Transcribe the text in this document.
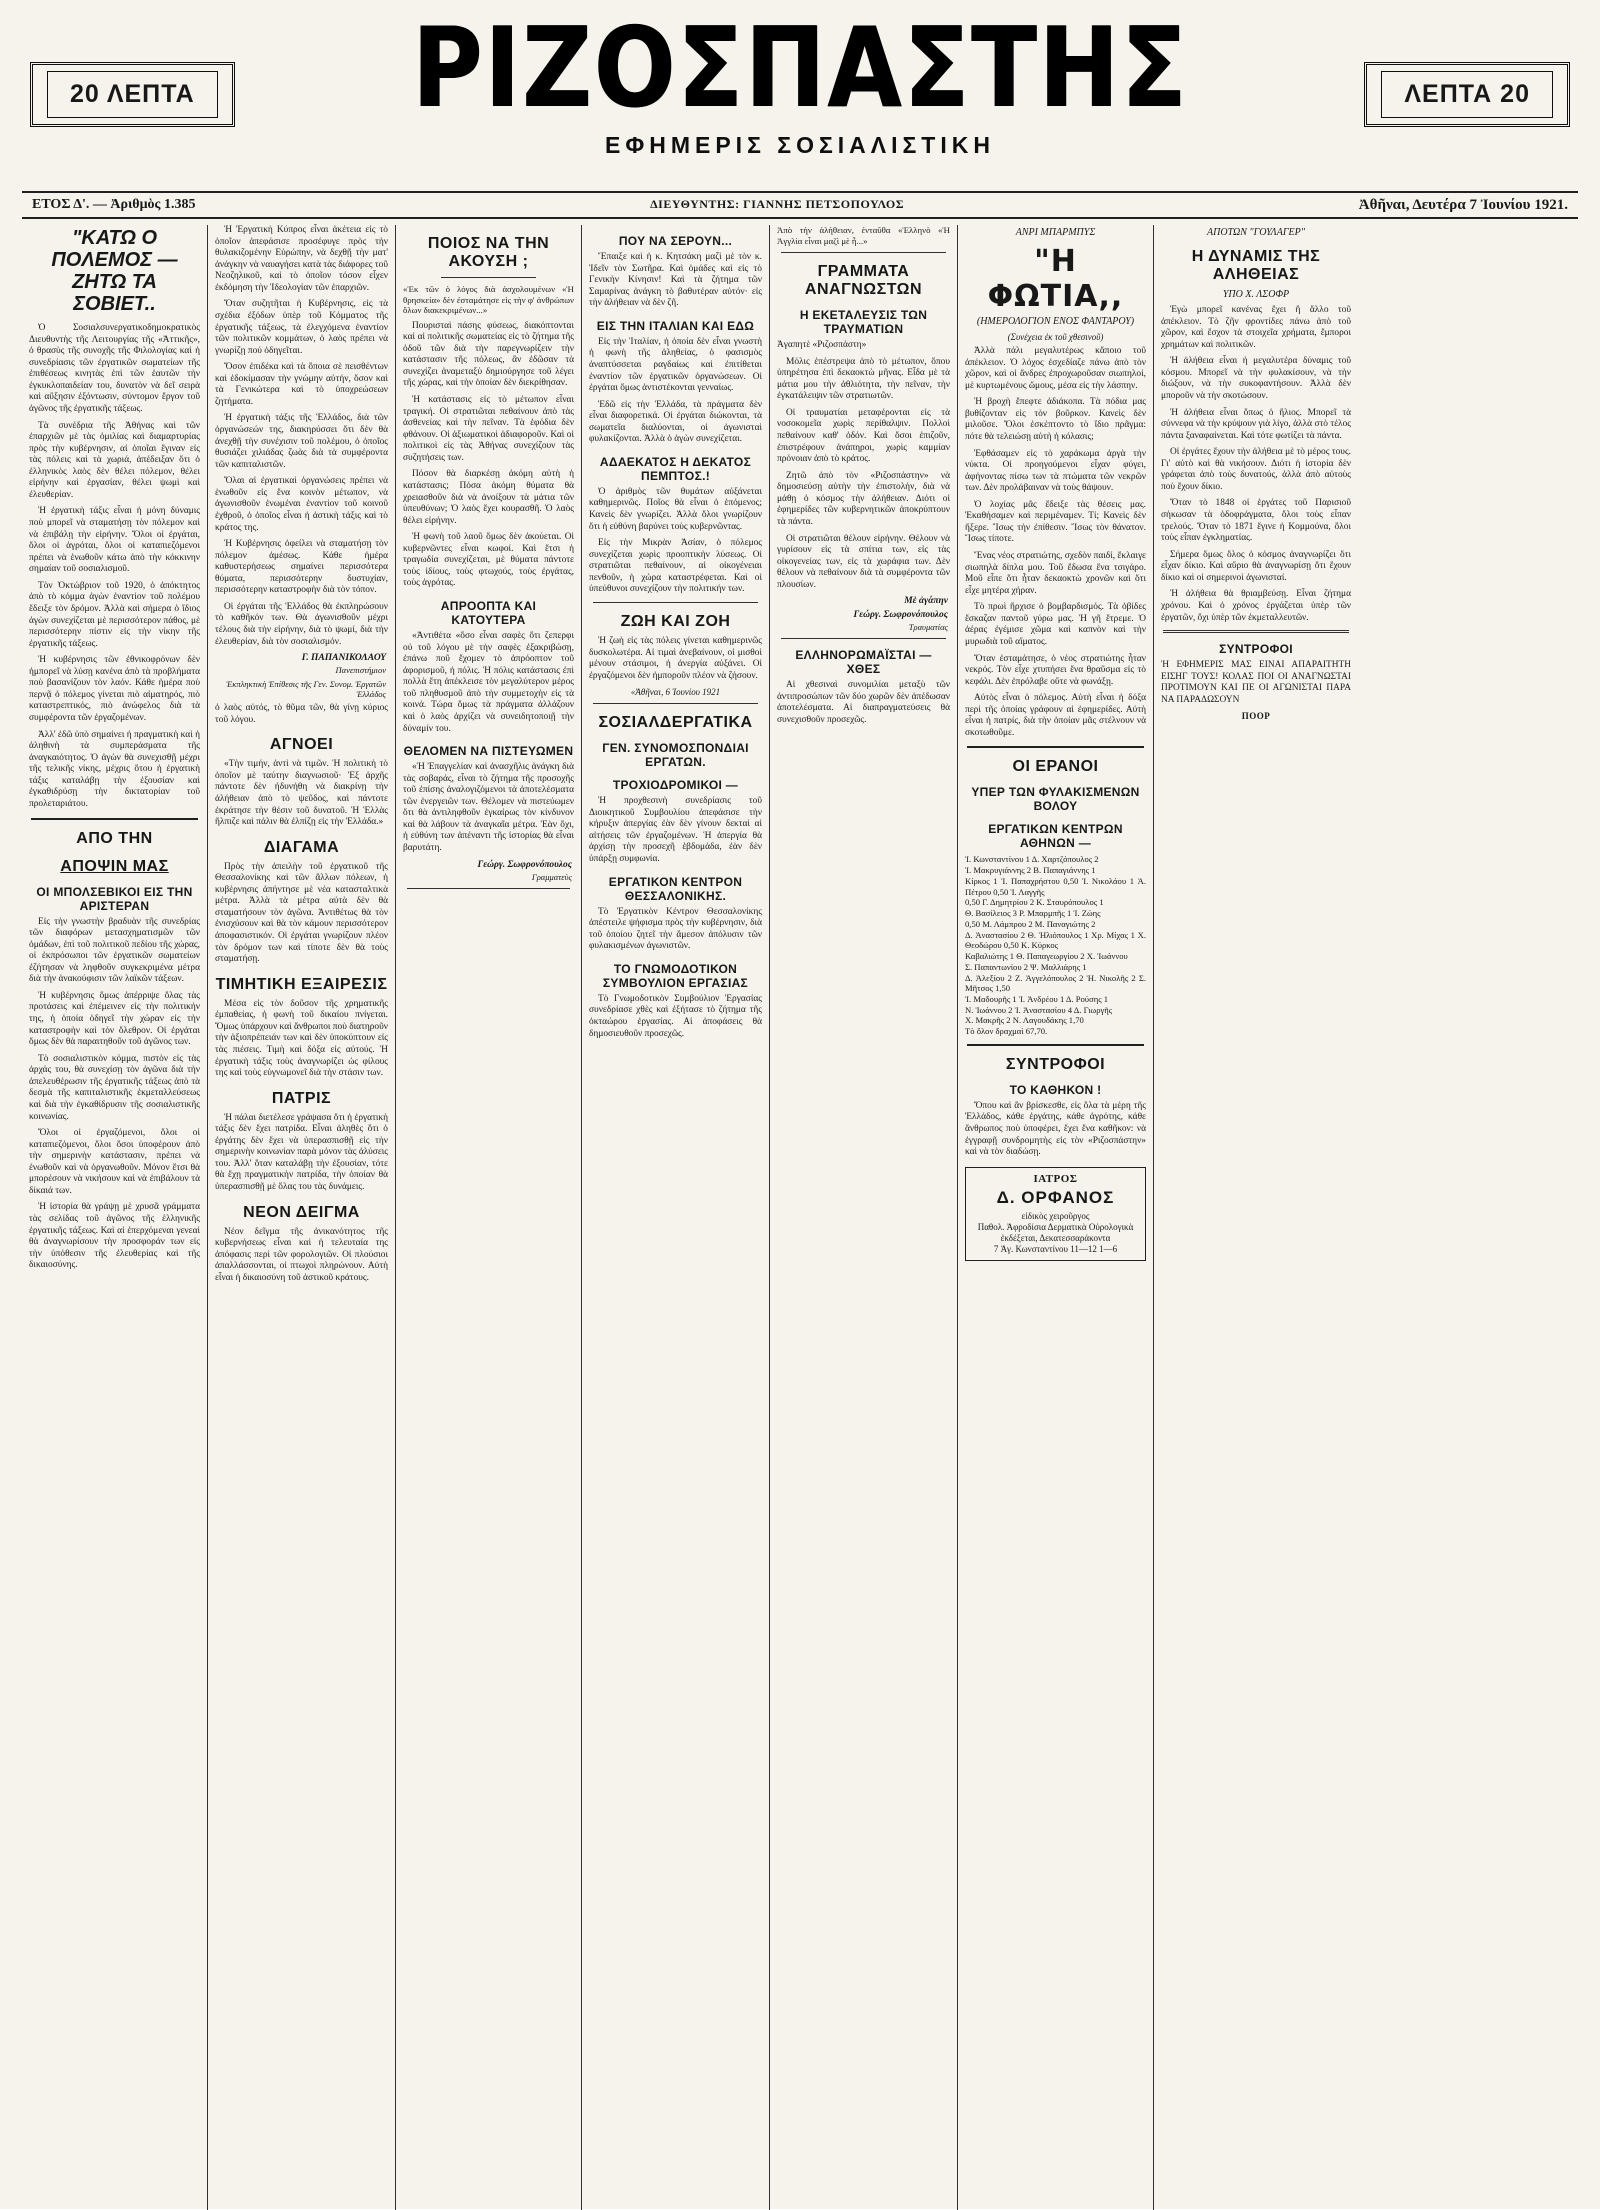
20 ΛΕΠΤΑ	ΛΕΠΤΑ 20
ΡΙΖΟΣΠΑΣΤΗΣ
ΕΦΗΜΕΡΙΣ ΣΟΣΙΑΛΙΣΤΙΚΗ
ΕΤΟΣ Δ'. — Ἀριθμὸς 1.385	ΔΙΕΥΘΥΝΤΗΣ: ΓΙΑΝΝΗΣ ΠΕΤΣΟΠΟΥΛΟΣ	Ἀθῆναι, Δευτέρα 7 Ἰουνίου 1921.
"ΚΑΤΩ Ο ΠΟΛΕΜΟΣ — ΖΗΤΩ ΤΑ ΣΟΒΙΕΤ..

Ὁ Σοσιαλσυνεργατικοδημοκρατικὸς Διευθυντὴς τῆς Λειτουργίας τῆς «Ἀττικῆς», ὁ θρασὺς τῆς συνοχῆς τῆς Φιλολογίας καὶ ἡ συνεδρίασις τῶν ἐργατικῶν σωματείων τῆς ἐπιθέσεως κινητὰς ἐπὶ τῶν ἑαυτῶν τὴν ἐγκυκλοπαιδείαν του, δυνατὸν νὰ δεῖ σειρὰ καὶ αὔξησιν ἐξόντωσιν, σύντομον ἔργον τοῦ ἀγῶνος τῆς ἐργατικῆς τάξεως.

Τὰ συνέδρια τῆς Ἀθήνας καὶ τῶν ἐπαρχιῶν μὲ τὰς ὁμιλίας καὶ διαμαρτυρίας πρὸς τὴν κυβέρνησιν, αἱ ὁποῖαι ἔγιναν εἰς τὰς πόλεις καὶ τὰ χωριά, ἀπέδειξαν ὅτι ὁ ἑλληνικὸς λαὸς δὲν θέλει πόλεμον, θέλει εἰρήνην καὶ ἐργασίαν, θέλει ψωμὶ καὶ ἐλευθερίαν.

Ἡ ἐργατικὴ τάξις εἶναι ἡ μόνη δύναμις ποὺ μπορεῖ νὰ σταματήσῃ τὸν πόλεμον καὶ νὰ ἐπιβάλῃ τὴν εἰρήνην. Ὅλοι οἱ ἐργάται, ὅλοι οἱ ἀγρόται, ὅλοι οἱ καταπιεζόμενοι πρέπει νὰ ἑνωθοῦν κάτω ἀπὸ τὴν κόκκινην σημαίαν τοῦ σοσιαλισμοῦ.

Τὸν Ὀκτώβριον τοῦ 1920, ὁ ἀπόκτητος ἀπὸ τὸ κόμμα ἀγὼν ἐναντίον τοῦ πολέμου ἔδειξε τὸν δρόμον. Ἀλλὰ καὶ σήμερα ὁ ἴδιος ἀγὼν συνεχίζεται μὲ περισσότερον πάθος, μὲ περισσότερην πίστιν εἰς τὴν νίκην τῆς ἐργατικῆς τάξεως.

Ἡ κυβέρνησις τῶν ἐθνικοφρόνων δὲν ἠμπορεῖ νὰ λύσῃ κανένα ἀπὸ τὰ προβλήματα ποὺ βασανίζουν τὸν λαόν. Κάθε ἡμέρα ποὺ περνᾷ ὁ πόλεμος γίνεται πιὸ αἱματηρός, πιὸ καταστρεπτικός, πιὸ ἀνώφελος διὰ τὰ συμφέροντα τῶν ἐργαζομένων.

Ἀλλ' ἐδῶ ὑπὸ σημαίνει ἡ πραγματικὴ καὶ ἡ ἀληθινὴ τὰ συμπεράσματα τῆς ἀναγκαιότητος. Ὁ ἀγὼν θὰ συνεχισθῇ μέχρι τῆς τελικῆς νίκης, μέχρις ὅτου ἡ ἐργατικὴ τάξις καταλάβῃ τὴν ἐξουσίαν καὶ ἐγκαθιδρύσῃ τὴν δικτατορίαν τοῦ προλεταριάτου.

ΑΠΟ ΤΗΝ
ΑΠΟΨΙΝ ΜΑΣ
ΟΙ ΜΠΟΛΣΕΒΙΚΟΙ ΕΙΣ ΤΗΝ ΑΡΙΣΤΕΡΑΝ

Εἰς τὴν γνωστὴν βραδυὰν τῆς συνεδρίας τῶν διαφόρων μετασχηματισμῶν τῶν ὁμάδων, ἐπὶ τοῦ πολιτικοῦ πεδίου τῆς χώρας, οἱ ἐκπρόσωποι τῶν ἐργατικῶν σωματείων ἐζήτησαν νὰ ληφθοῦν συγκεκριμένα μέτρα διὰ τὴν ἀνακούφισιν τῶν λαϊκῶν τάξεων.

Ἡ κυβέρνησις ὅμως ἀπέρριψε ὅλας τὰς προτάσεις καὶ ἐπέμεινεν εἰς τὴν πολιτικήν της, ἡ ὁποία ὁδηγεῖ τὴν χώραν εἰς τὴν καταστροφὴν καὶ τὸν ὄλεθρον. Οἱ ἐργάται ὅμως δὲν θὰ παραιτηθοῦν τοῦ ἀγῶνος των.

Τὸ σοσιαλιστικὸν κόμμα, πιστὸν εἰς τὰς ἀρχάς του, θὰ συνεχίσῃ τὸν ἀγῶνα διὰ τὴν ἀπελευθέρωσιν τῆς ἐργατικῆς τάξεως ἀπὸ τὰ δεσμὰ τῆς καπιταλιστικῆς ἐκμεταλλεύσεως καὶ διὰ τὴν ἐγκαθίδρυσιν τῆς σοσιαλιστικῆς κοινωνίας.

Ὅλοι οἱ ἐργαζόμενοι, ὅλοι οἱ καταπιεζόμενοι, ὅλοι ὅσοι ὑποφέρουν ἀπὸ τὴν σημερινὴν κατάστασιν, πρέπει νὰ ἑνωθοῦν καὶ νὰ ὀργανωθοῦν. Μόνον ἔτσι θὰ μπορέσουν νὰ νικήσουν καὶ νὰ ἐπιβάλουν τὰ δίκαιά των.

Ἡ ἱστορία θὰ γράψῃ μὲ χρυσᾶ γράμματα τὰς σελίδας τοῦ ἀγῶνος τῆς ἑλληνικῆς ἐργατικῆς τάξεως. Καὶ αἱ ἐπερχόμεναι γενεαὶ θὰ ἀναγνωρίσουν τὴν προσφοράν των εἰς τὴν ὑπόθεσιν τῆς ἐλευθερίας καὶ τῆς δικαιοσύνης.

Ἡ Ἐργατικὴ Κύπρος εἶναι ἀκέτεια εἰς τὸ ὁποῖον ἀπεφάσισε προσέφυγε πρὸς τὴν θυλακιζομένην Εὐρώπην, νὰ δεχθῇ τὴν ματ' ἀνάγκην νὰ ναυαγήσει κατὰ τὰς διάφορες τοῦ Νεοζηλικοῦ, καὶ τὸ ὁποῖον τόσον εἶχεν ἐκδόμηση τὴν Ἰδεολογίαν τῶν ἐπαρχιῶν.

Ὅταν συζητῆται ἡ Κυβέρνησις, εἰς τὰ σχέδια ἐξόδων ὑπὲρ τοῦ Κόμματος τῆς ἐργατικῆς τάξεως, τὰ ἐλεγχόμενα ἐναντίον τῶν πολιτικῶν κομμάτων, ὁ λαὸς πρέπει νὰ γνωρίζῃ πού ὁδηγεῖται.

Ὅσον ἐπιδέκα καὶ τὰ ὅποια σὲ πεισθέντων καὶ ἐδοκίμασαν τὴν γνώμην αὐτήν, ὅσον καὶ τὰ Γενικώτερα καὶ τὸ ὑποχρεώσεων ζητήματα.

Ἡ ἐργατικὴ τάξις τῆς Ἑλλάδος, διὰ τῶν ὀργανώσεών της, διακηρύσσει ὅτι δὲν θὰ ἀνεχθῇ τὴν συνέχισιν τοῦ πολέμου, ὁ ὁποῖος θυσιάζει χιλιάδας ζωὰς διὰ τὰ συμφέροντα τῶν καπιταλιστῶν.

Ὅλαι αἱ ἐργατικαὶ ὀργανώσεις πρέπει νὰ ἑνωθοῦν εἰς ἕνα κοινὸν μέτωπον, νὰ ἀγωνισθοῦν ἑνωμέναι ἐναντίον τοῦ κοινοῦ ἐχθροῦ, ὁ ὁποῖος εἶναι ἡ ἀστικὴ τάξις καὶ τὸ κράτος της.

Ἡ Κυβέρνησις ὀφείλει νὰ σταματήσῃ τὸν πόλεμον ἀμέσως. Κάθε ἡμέρα καθυστερήσεως σημαίνει περισσότερα θύματα, περισσότερην δυστυχίαν, περισσότερην καταστροφὴν διὰ τὸν τόπον.

Οἱ ἐργάται τῆς Ἑλλάδος θὰ ἐκπληρώσουν τὸ καθῆκόν των. Θὰ ἀγωνισθοῦν μέχρι τέλους διὰ τὴν εἰρήνην, διὰ τὸ ψωμί, διὰ τὴν ἐλευθερίαν, διὰ τὸν σοσιαλισμόν.

Γ. ΠΑΠΑΝΙΚΟΛΑΟΥ
Πανεπιστήμιον
Ἐκπληκτικὴ Ἐπίθεσις τῆς Γεν. Συνομ. Ἐργατῶν Ἑλλάδος

ὁ λαὸς αὐτός, τὸ θῦμα τῶν, θὰ γίνῃ κύριος τοῦ λόγου.

ΑΓΝΟΕΙ

«Τὴν τιμήν, ἀντὶ νὰ τιμῶν. Ἡ πολιτικὴ τὸ ὁποῖον μὲ ταύτην διαγνωσιοῦ· Ἐξ ἀρχῆς πάντοτε δὲν ἠδυνήθη νὰ διακρίνῃ τὴν ἀλήθειαν ἀπὸ τὸ ψεῦδος, καὶ πάντοτε ἐκράτησε τὴν θέσιν τοῦ δυνατοῦ. Ἡ Ἑλλὰς ἤλπιζε καὶ πάλιν θὰ ἐλπίζῃ εἰς τὴν Ἑλλάδα.»

ΔΙΑΓΑΜΑ

Πρὸς τὴν ἀπειλὴν τοῦ ἐργατικοῦ τῆς Θεσσαλονίκης καὶ τῶν ἄλλων πόλεων, ἡ κυβέρνησις ἀπήντησε μὲ νέα κατασταλτικὰ μέτρα. Ἀλλὰ τὰ μέτρα αὐτὰ δὲν θὰ σταματήσουν τὸν ἀγῶνα. Ἀντιθέτως θὰ τὸν ἐνισχύσουν καὶ θὰ τὸν κάμουν περισσότερον ἀποφασιστικόν. Οἱ ἐργάται γνωρίζουν πλέον τὸν δρόμον των καὶ τίποτε δὲν θὰ τοὺς σταματήσῃ.

ΤΙΜΗΤΙΚΗ ΕΞΑΙΡΕΣΙΣ

Μέσα εἰς τὸν δοῦσον τῆς χρηματικῆς ἐμπαθείας, ἡ φωνὴ τοῦ δικαίου πνίγεται. Ὅμως ὑπάρχουν καὶ ἄνθρωποι ποὺ διατηροῦν τὴν ἀξιοπρέπειάν των καὶ δὲν ὑποκύπτουν εἰς τὰς πιέσεις. Τιμὴ καὶ δόξα εἰς αὐτούς. Ἡ ἐργατικὴ τάξις τοὺς ἀναγνωρίζει ὡς φίλους της καὶ τοὺς εὐγνωμονεῖ διὰ τὴν στάσιν των.

ΠΑΤΡΙΣ

Ἡ πάλαι διετέλεσε γράψασα ὅτι ἡ ἐργατικὴ τάξις δὲν ἔχει πατρίδα. Εἶναι ἀληθὲς ὅτι ὁ ἐργάτης δὲν ἔχει νὰ ὑπερασπισθῇ εἰς τὴν σημερινὴν κοινωνίαν παρὰ μόνον τὰς ἁλύσεις του. Ἀλλ' ὅταν καταλάβῃ τὴν ἐξουσίαν, τότε θὰ ἔχῃ πραγματικὴν πατρίδα, τὴν ὁποίαν θὰ ὑπερασπισθῇ μὲ ὅλας του τὰς δυνάμεις.

ΝΕΟΝ ΔΕΙΓΜΑ

Νέον δεῖγμα τῆς ἀνικανότητος τῆς κυβερνήσεως εἶναι καὶ ἡ τελευταία της ἀπόφασις περὶ τῶν φορολογιῶν. Οἱ πλούσιοι ἀπαλλάσσονται, οἱ πτωχοὶ πληρώνουν. Αὐτὴ εἶναι ἡ δικαιοσύνη τοῦ ἀστικοῦ κράτους.

ΠΟΙΟΣ ΝΑ ΤΗΝ ΑΚΟΥΣΗ ;

«Ἐκ τῶν ὁ λόγος διὰ ἀσχολουμένων «Ἡ θρησκεία» δὲν ἐσταμάτησε εἰς τὴν φ' ἀνθρώπων ὅλων διακεκριμένων...»

Πουρισταὶ πάσης φύσεως, διακόπτονται καὶ αἱ πολιτικῆς σωματείας εἰς τὸ ζήτημα τῆς ὁδοῦ τῶν διὰ τὴν παρεγνωρίζειν τὴν κατάστασιν τῆς πόλεως, ἂν ἐδῶσαν τὰ συνεχίζει ἀναμεταξὺ δημιούργησε τοῦ λέγει τῆς χώρας, καὶ τὴν ὁποίαν δὲν διεκρίθησαν.

Ἡ κατάστασις εἰς τὸ μέτωπον εἶναι τραγική. Οἱ στρατιῶται πεθαίνουν ἀπὸ τὰς ἀσθενείας καὶ τὴν πεῖναν. Τὰ ἐφόδια δὲν φθάνουν. Οἱ ἀξιωματικοὶ ἀδιαφοροῦν. Καὶ οἱ πολιτικοὶ εἰς τὰς Ἀθήνας συνεχίζουν τὰς συζητήσεις των.

Πόσον θὰ διαρκέσῃ ἀκόμη αὐτὴ ἡ κατάστασις; Πόσα ἀκόμη θύματα θὰ χρειασθοῦν διὰ νὰ ἀνοίξουν τὰ μάτια τῶν ὑπευθύνων; Ὁ λαὸς ἔχει κουρασθῆ. Ὁ λαὸς θέλει εἰρήνην.

Ἡ φωνὴ τοῦ λαοῦ ὅμως δὲν ἀκούεται. Οἱ κυβερνῶντες εἶναι κωφοί. Καὶ ἔτσι ἡ τραγωδία συνεχίζεται, μὲ θύματα πάντοτε τοὺς ἰδίους, τοὺς φτωχούς, τοὺς ἐργάτας, τοὺς ἀγρότας.

ΑΠΡΟΟΠΤΑ ΚΑΙ ΚΑΤΟΥΤΕΡΑ

«Ἀντιθέτα «ὅσο εἶναι σαφὲς ὅτι ζεπερφι οὐ τοῦ λόγου μὲ τὴν σαφὲς ἐξακριβώσῃ, ἐπάνω ποῦ ἔχομεν τὸ ἀπρόοπτον τοῦ ἀφορισμοῦ, ἡ πόλις. Ἡ πόλις κατάστασις ἐπὶ πολλὰ ἔτη ἀπέκλεισε τὸν μεγαλύτερον μέρος τοῦ πληθυσμοῦ ἀπὸ τὴν συμμετοχὴν εἰς τὰ κοινά. Τώρα ὅμως τὰ πράγματα ἀλλάζουν καὶ ὁ λαὸς ἀρχίζει νὰ συνειδητοποιῇ τὴν δύναμίν του.

ΘΕΛΟΜΕΝ ΝΑ ΠΙΣΤΕΥΩΜΕΝ

«Ἡ Ἐπαγγελίαν καὶ ἀνασχῆλις ἀνάγκη διὰ τὰς σοβαράς, εἶναι τὸ ζήτημα τῆς προσοχῆς τοῦ ἐπίσης ἀναλογιζόμενοι τὰ ἀποτελέσματα τῶν ἐνεργειῶν των. Θέλομεν νὰ πιστεύωμεν ὅτι θὰ ἀντιληφθοῦν ἐγκαίρως τὸν κίνδυνον καὶ θὰ λάβουν τὰ ἀναγκαῖα μέτρα. Ἐὰν ὄχι, ἡ εὐθύνη των ἀπέναντι τῆς ἱστορίας θὰ εἶναι βαρυτάτη.

Γεώργ. Σωφρονόπουλος
Γραμματεὺς
ΠΟΥ ΝΑ ΣΕΡΟΥΝ...

Ἔπαιξε καὶ ἡ κ. Κητσάκη μαζὶ μὲ τὸν κ. Ἰδεῖν τὸν Σωτῆρα. Καὶ ὁμάδες καὶ εἰς τὸ Γενικὴν Κίνησιν! Καὶ τὰ ζήτημα τῶν Σαμαρίνας ἀνάγκη τὸ βαθυτέραν αὐτόν· εἰς τὴν ἀλήθειαν νὰ δὲν ζῆ.

ΕΙΣ ΤΗΝ ΙΤΑΛΙΑΝ ΚΑΙ ΕΔΩ

Εἰς τὴν Ἰταλίαν, ἡ ὁποία δὲν εἶναι γνωστὴ ἡ φωνὴ τῆς ἀληθείας, ὁ φασισμὸς ἀναπτύσσεται ραγδαίως καὶ ἐπιτίθεται ἐναντίον τῶν ἐργατικῶν ὀργανώσεων. Οἱ ἐργάται ὅμως ἀντιστέκονται γενναίως.

Ἐδῶ εἰς τὴν Ἑλλάδα, τὰ πράγματα δὲν εἶναι διαφορετικά. Οἱ ἐργάται διώκονται, τὰ σωματεῖα διαλύονται, οἱ ἀγωνισταὶ φυλακίζονται. Ἀλλὰ ὁ ἀγὼν συνεχίζεται.

ΑΔΑΕΚΑΤΟΣ Η ΔΕΚΑΤΟΣ ΠΕΜΠΤΟΣ.!

Ὁ ἀριθμὸς τῶν θυμάτων αὐξάνεται καθημερινῶς. Ποῖος θὰ εἶναι ὁ ἑπόμενος; Κανεὶς δὲν γνωρίζει. Ἀλλὰ ὅλοι γνωρίζουν ὅτι ἡ εὐθύνη βαρύνει τοὺς κυβερνῶντας.

Εἰς τὴν Μικρὰν Ἀσίαν, ὁ πόλεμος συνεχίζεται χωρὶς προοπτικὴν λύσεως. Οἱ στρατιῶται πεθαίνουν, αἱ οἰκογένειαι πενθοῦν, ἡ χώρα καταστρέφεται. Καὶ οἱ ὑπεύθυνοι συνεχίζουν τὴν πολιτικήν των.

ΖΩΗ ΚΑΙ ΖΟΗ

Ἡ ζωὴ εἰς τὰς πόλεις γίνεται καθημερινῶς δυσκολωτέρα. Αἱ τιμαὶ ἀνεβαίνουν, οἱ μισθοὶ μένουν στάσιμοι, ἡ ἀνεργία αὐξάνει. Οἱ ἐργαζόμενοι δὲν ἠμποροῦν πλέον νὰ ζήσουν.

«Ἀθῆναι, 6 Ἰουνίου 1921
ΣΟΣΙΑΛΔΕΡΓΑΤΙΚΑ
ΓΕΝ. ΣΥΝΟΜΟΣΠΟΝΔΙΑΙ ΕΡΓΑΤΩΝ.
ΤΡΟΧΙΟΔΡΟΜΙΚΟΙ —

Ἡ προχθεσινὴ συνεδρίασις τοῦ Διοικητικοῦ Συμβουλίου ἀπεφάσισε τὴν κήρυξιν ἀπεργίας ἐὰν δὲν γίνουν δεκταὶ αἱ αἰτήσεις τῶν ἐργαζομένων. Ἡ ἀπεργία θὰ ἀρχίσῃ τὴν προσεχῆ ἑβδομάδα, ἐὰν δὲν ὑπάρξῃ συμφωνία.

ΕΡΓΑΤΙΚΟΝ ΚΕΝΤΡΟΝ ΘΕΣΣΑΛΟΝΙΚΗΣ.

Τὸ Ἐργατικὸν Κέντρον Θεσσαλονίκης ἀπέστειλε ψήφισμα πρὸς τὴν κυβέρνησιν, διὰ τοῦ ὁποίου ζητεῖ τὴν ἄμεσον ἀπόλυσιν τῶν φυλακισμένων ἀγωνιστῶν.

ΤΟ ΓΝΩΜΟΔΟΤΙΚΟΝ ΣΥΜΒΟΥΛΙΟΝ ΕΡΓΑΣΙΑΣ

Τὸ Γνωμοδοτικὸν Συμβούλιον Ἐργασίας συνεδρίασε χθὲς καὶ ἐξήτασε τὸ ζήτημα τῆς ὀκταώρου ἐργασίας. Αἱ ἀποφάσεις θὰ δημοσιευθοῦν προσεχῶς.

Ἀπὸ τὴν ἀλήθειαν, ἐνταῦθα «Ἑλληνὸ «Ἡ Ἀγγλία εἶναι μαζὶ μὲ ἦ...»

ΓΡΑΜΜΑΤΑ ΑΝΑΓΝΩΣΤΩΝ
Η ΕΚΕΤΑΛΕΥΣΙΣ ΤΩΝ ΤΡΑΥΜΑΤΙΩΝ
Ἀγαπητὲ «Ριζοσπάστη»

Μόλις ἐπέστρεψα ἀπὸ τὸ μέτωπον, ὅπου ὑπηρέτησα ἐπὶ δεκαοκτὼ μῆνας. Εἶδα μὲ τὰ μάτια μου τὴν ἀθλιότητα, τὴν πεῖναν, τὴν ἐγκατάλειψιν τῶν στρατιωτῶν.

Οἱ τραυματίαι μεταφέρονται εἰς τὰ νοσοκομεῖα χωρὶς περίθαλψιν. Πολλοὶ πεθαίνουν καθ' ὁδόν. Καὶ ὅσοι ἐπιζοῦν, ἐπιστρέφουν ἀνάπηροι, χωρὶς καμμίαν πρόνοιαν ἀπὸ τὸ κράτος.

Ζητῶ ἀπὸ τὸν «Ριζοσπάστην» νὰ δημοσιεύσῃ αὐτὴν τὴν ἐπιστολήν, διὰ νὰ μάθῃ ὁ κόσμος τὴν ἀλήθειαν. Διότι οἱ ἐφημερίδες τῶν κυβερνητικῶν ἀποκρύπτουν τὰ πάντα.

Οἱ στρατιῶται θέλουν εἰρήνην. Θέλουν νὰ γυρίσουν εἰς τὰ σπίτια των, εἰς τὰς οἰκογενείας των, εἰς τὰ χωράφια των. Δὲν θέλουν νὰ πεθαίνουν διὰ τὰ συμφέροντα τῶν πλουσίων.

Μὲ ἀγάπην
Γεώργ. Σωφρονόπουλος
Τραυματίας
ΕΛΛΗΝΟΡΩΜΑΪΣΤΑΙ — ΧΘΕΣ

Αἱ χθεσιναὶ συνομιλίαι μεταξὺ τῶν ἀντιπροσώπων τῶν δύο χωρῶν δὲν ἀπέδωσαν ἀποτελέσματα. Αἱ διαπραγματεύσεις θὰ συνεχισθοῦν προσεχῶς.

ΑΝΡΙ ΜΠΑΡΜΠΥΣ
"Η ΦΩΤΙΑ,,
(ΗΜΕΡΟΛΟΓΙΟΝ ΕΝΟΣ ΦΑΝΤΑΡΟΥ)
(Συνέχεια ἐκ τοῦ χθεσινοῦ)

Ἀλλὰ πάλι μεγαλυτέρως κἄποιο τοῦ ἀπέκλειον. Ὁ λόχος ἐσχεδίαζε πάνω ἀπὸ τὸν χῶρον, καὶ οἱ ἄνδρες ἐπροχωροῦσαν σιωπηλοί, μὲ κυρτωμένους ὤμους, μέσα εἰς τὴν λάσπην.

Ἡ βροχὴ ἔπεφτε ἀδιάκοπα. Τὰ πόδια μας βυθίζονταν εἰς τὸν βοῦρκον. Κανεὶς δὲν μιλοῦσε. Ὅλοι ἐσκέπτοντο τὸ ἴδιο πρᾶγμα: πότε θὰ τελειώσῃ αὐτὴ ἡ κόλασις;

Ἐφθάσαμεν εἰς τὸ χαράκωμα ἀργὰ τὴν νύκτα. Οἱ προηγούμενοι εἶχαν φύγει, ἀφήνοντας πίσω των τὰ πτώματα τῶν νεκρῶν των. Δὲν προλάβαιναν νὰ τοὺς θάψουν.

Ὁ λοχίας μᾶς ἔδειξε τὰς θέσεις μας. Ἐκαθήσαμεν καὶ περιμέναμεν. Τί; Κανεὶς δὲν ἤξερε. Ἴσως τὴν ἐπίθεσιν. Ἴσως τὸν θάνατον. Ἴσως τίποτε.

Ἕνας νέος στρατιώτης, σχεδὸν παιδί, ἔκλαιγε σιωπηλὰ δίπλα μου. Τοῦ ἔδωσα ἕνα τσιγάρο. Μοῦ εἶπε ὅτι ἦταν δεκαοκτὼ χρονῶν καὶ ὅτι εἶχε μητέρα χήραν.

Τὸ πρωὶ ἤρχισε ὁ βομβαρδισμός. Τὰ ὀβίδες ἔσκαζαν παντοῦ γύρω μας. Ἡ γῆ ἔτρεμε. Ὁ ἀέρας ἐγέμισε χῶμα καὶ καπνὸν καὶ τὴν μυρωδιὰ τοῦ αἵματος.

Ὅταν ἐσταμάτησε, ὁ νέος στρατιώτης ἦταν νεκρός. Τὸν εἶχε χτυπήσει ἕνα θραῦσμα εἰς τὸ κεφάλι. Δὲν ἐπρόλαβε οὔτε νὰ φωνάξῃ.

Αὐτὸς εἶναι ὁ πόλεμος. Αὐτὴ εἶναι ἡ δόξα περὶ τῆς ὁποίας γράφουν αἱ ἐφημερίδες. Αὐτὴ εἶναι ἡ πατρίς, διὰ τὴν ὁποίαν μᾶς στέλνουν νὰ σκοτωθοῦμε.

ΟΙ ΕΡΑΝΟΙ
ΥΠΕΡ ΤΩΝ ΦΥΛΑΚΙΣΜΕΝΩΝ ΒΟΛΟΥ
ΕΡΓΑΤΙΚΩΝ ΚΕΝΤΡΩΝ ΑΘΗΝΩΝ —
Ἰ. Κωνσταντίνου 1 Δ. Χαρτζόπουλος 2
Ἰ. Μακρυγιάννης 2 Β. Παπαγιάννης 1
Κίρκος 1 Ἰ. Παπαχρήστου 0,50 Ἰ. Νικολάου 1 Ἀ. Πέτρου 0,50 Ἰ. Λαγγῆς
0,50 Γ. Δημητρίου 2 Κ. Σταυρόπουλος 1
Θ. Βασίλειος 3 Ρ. Μπαρμπῆς 1 Ἰ. Ζώης
0,50 Μ. Λάμπρου 2 Μ. Παναγιώτης 2
Δ. Ἀναστασίου 2 Θ. Ἠλιόπουλος 1 Χρ. Μίχας 1 Χ. Θεοδώρου 0,50 Κ. Κύρκος
Καβαλιώτης 1 Θ. Παπαγεωργίου 2 Χ. Ἰωάννου
Σ. Παπαντωνίου 2 Ψ. Μαλλιάρης 1
Δ. Ἀλεξίου 2 Ζ. Ἀγγελόπουλος 2 Ἠ. Νικολῆς 2 Σ. Μῆτσος 1,50
Ἰ. Μαδουρῆς 1 Ἰ. Ἀνδρέου 1 Δ. Ρούσης 1
Ν. Ἰωάννου 2 Ἰ. Ἀναστασίου 4 Δ. Γιωργῆς
Χ. Μακρῆς 2 Ν. Λαγουδάκης 1,70
Τὸ ὅλον δραχμαὶ 67,70.
ΣΥΝΤΡΟΦΟΙ
ΤΟ ΚΑΘΗΚΟΝ !

Ὅπου καὶ ἂν βρίσκεσθε, εἰς ὅλα τὰ μέρη τῆς Ἑλλάδος, κάθε ἐργάτης, κάθε ἀγρότης, κάθε ἄνθρωπος ποὺ ὑποφέρει, ἔχει ἕνα καθῆκον: νὰ ἐγγραφῇ συνδρομητὴς εἰς τὸν «Ριζοσπάστην» καὶ νὰ τὸν διαδώσῃ.

ΙΑΤΡΟΣ
Δ. ΟΡΦΑΝΟΣ
εἰδικὸς χειροῦργος
Παθολ. Ἀφροδίσια Δερματικὰ Οὐρολογικὰ
ἐκδέξεται, Δεκατεσσαράκοντα
7 Ἁγ. Κωνσταντίνου 11—12 1—6
ΑΠΟΤΩΝ "ΓΟΥΛΑΓΕΡ"
Η ΔΥΝΑΜΙΣ ΤΗΣ ΑΛΗΘΕΙΑΣ
ΥΠΟ Χ. ΛΣΟΦΡ

Ἐγὼ μπορεῖ κανένας ἔχει ἢ ἄλλο τοῦ ἀπέκλειον. Τὸ ζῆν φροντίδες πάνω ἀπὸ τοῦ χῶρον, καὶ ἔσχον τὰ στοιχεῖα χρήματα, ἔμποροι χρημάτων καὶ πολιτικῶν.

Ἡ ἀλήθεια εἶναι ἡ μεγαλυτέρα δύναμις τοῦ κόσμου. Μπορεῖ νὰ τὴν φυλακίσουν, νὰ τὴν διώξουν, νὰ τὴν συκοφαντήσουν. Ἀλλὰ δὲν μποροῦν νὰ τὴν σκοτώσουν.

Ἡ ἀλήθεια εἶναι ὅπως ὁ ἥλιος. Μπορεῖ τὰ σύννεφα νὰ τὴν κρύψουν γιὰ λίγο, ἀλλὰ στὸ τέλος πάντα ξαναφαίνεται. Καὶ τότε φωτίζει τὰ πάντα.

Οἱ ἐργάτες ἔχουν τὴν ἀλήθεια μὲ τὸ μέρος τους. Γι' αὐτὸ καὶ θὰ νικήσουν. Διότι ἡ ἱστορία δὲν γράφεται ἀπὸ τοὺς δυνατούς, ἀλλὰ ἀπὸ αὐτοὺς ποὺ ἔχουν δίκιο.

Ὅταν τὸ 1848 οἱ ἐργάτες τοῦ Παρισιοῦ σήκωσαν τὰ ὁδοφράγματα, ὅλοι τοὺς εἶπαν τρελούς. Ὅταν τὸ 1871 ἔγινε ἡ Κομμούνα, ὅλοι τοὺς εἶπαν ἐγκληματίας.

Σήμερα ὅμως ὅλος ὁ κόσμος ἀναγνωρίζει ὅτι εἶχαν δίκιο. Καὶ αὔριο θὰ ἀναγνωρίσῃ ὅτι ἔχουν δίκιο καὶ οἱ σημερινοὶ ἀγωνισταί.

Ἡ ἀλήθεια θὰ θριαμβεύσῃ. Εἶναι ζήτημα χρόνου. Καὶ ὁ χρόνος ἐργάζεται ὑπὲρ τῶν ἐργατῶν, ὄχι ὑπὲρ τῶν ἐκμεταλλευτῶν.

ΣΥΝΤΡΟΦΟΙ

Ἡ ΕΦΗΜΕΡΙΣ ΜΑΣ ΕΙΝΑΙ ΑΠΑΡΑΙΤΗΤΗ ΕΙΣΗΓ ΤΟΥΣ! ΚΟΛΑΣ ΠΟΙ ΟΙ ΑΝΑΓΝΩΣΤΑΙ ΠΡΟΤΙΜΟΥΝ ΚΑΙ ΠΕ ΟΙ ΑΓΩΝΙΣΤΑΙ ΠΑΡΑ ΝΑ ΠΑΡΑΔΩΣΟΥΝ

ΠΟΟΡ
